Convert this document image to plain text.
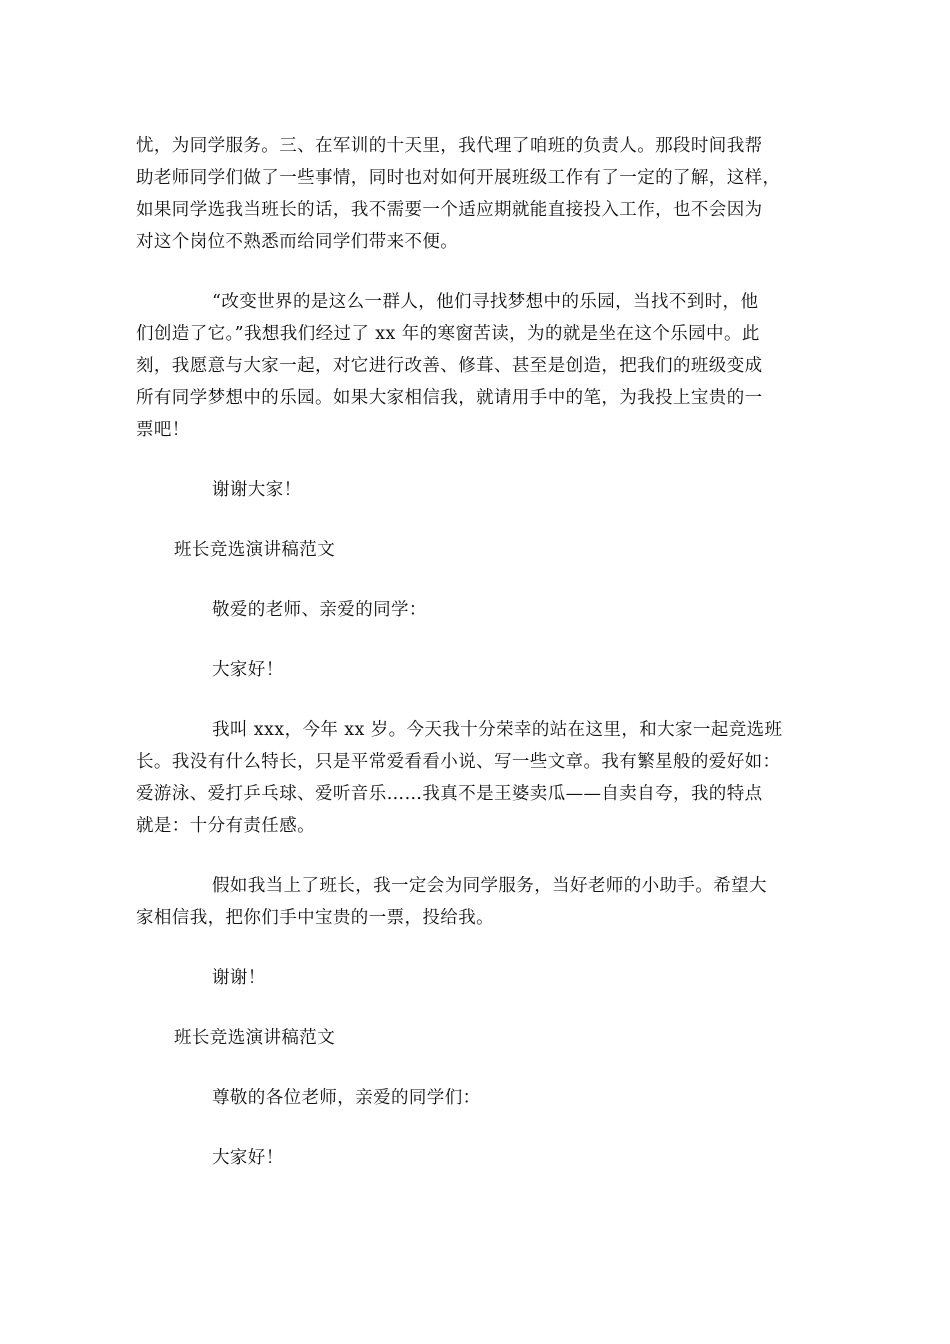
忧，为同学服务。三、在军训的十天里，我代理了咱班的负责人。那段时间我帮
助老师同学们做了一些事情，同时也对如何开展班级工作有了一定的了解，这样，
如果同学选我当班长的话，我不需要一个适应期就能直接投入工作，也不会因为
对这个岗位不熟悉而给同学们带来不便。

“改变世界的是这么一群人，他们寻找梦想中的乐园，当找不到时，他
们创造了它。”我想我们经过了 xx 年的寒窗苦读，为的就是坐在这个乐园中。此
刻，我愿意与大家一起，对它进行改善、修葺、甚至是创造，把我们的班级变成
所有同学梦想中的乐园。如果大家相信我，就请用手中的笔，为我投上宝贵的一
票吧！

谢谢大家！

班长竞选演讲稿范文

敬爱的老师、亲爱的同学：

大家好！

我叫 xxx，今年 xx 岁。今天我十分荣幸的站在这里，和大家一起竞选班
长。我没有什么特长，只是平常爱看看小说、写一些文章。我有繁星般的爱好如：
爱游泳、爱打乒乓球、爱听音乐……我真不是王婆卖瓜——自卖自夸，我的特点
就是：十分有责任感。

假如我当上了班长，我一定会为同学服务，当好老师的小助手。希望大
家相信我，把你们手中宝贵的一票，投给我。

谢谢！

班长竞选演讲稿范文

尊敬的各位老师，亲爱的同学们：

大家好！
